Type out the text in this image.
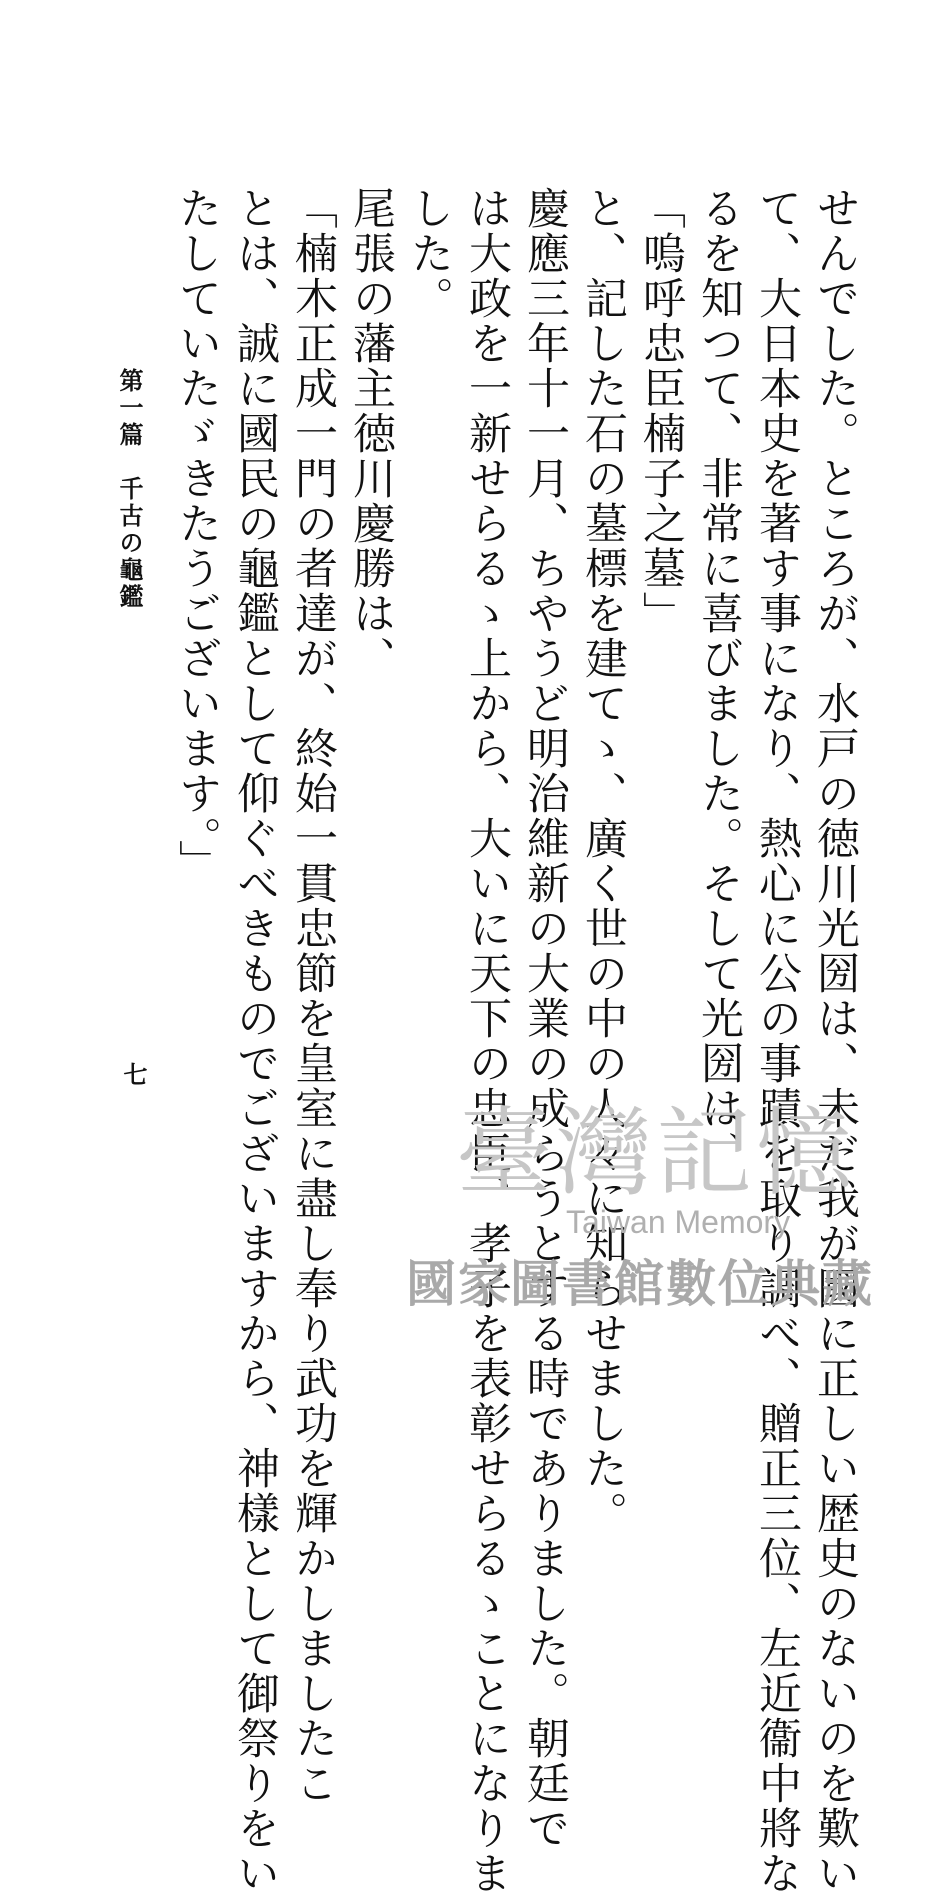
せんでした。ところが、水戸の徳川光圀は、未だ我が國に正しい歴史のないのを歎い
て、大日本史を著す事になり、熱心に公の事蹟を取り調べ、贈正三位、左近衞中將な
るを知つて、非常に喜びました。そして光圀は、
「嗚呼忠臣楠子之墓」
と、記した石の墓標を建てゝ、廣く世の中の人々に知らせました。
慶應三年十一月、ちやうど明治維新の大業の成らうとする時でありました。朝廷で
は大政を一新せらるゝ上から、大いに天下の忠臣、孝子を表彰せらるゝことになりま
した。
尾張の藩主徳川慶勝は、
「楠木正成一門の者達が、終始一貫忠節を皇室に盡し奉り武功を輝かしましたこ
とは、誠に國民の龜鑑として仰ぐべきものでございますから、神樣として御祭りをい
たしていたゞきたうございます。」
第一篇　千古の龜鑑
七
臺灣記憶
Taiwan Memory
國家圖書館數位典藏
